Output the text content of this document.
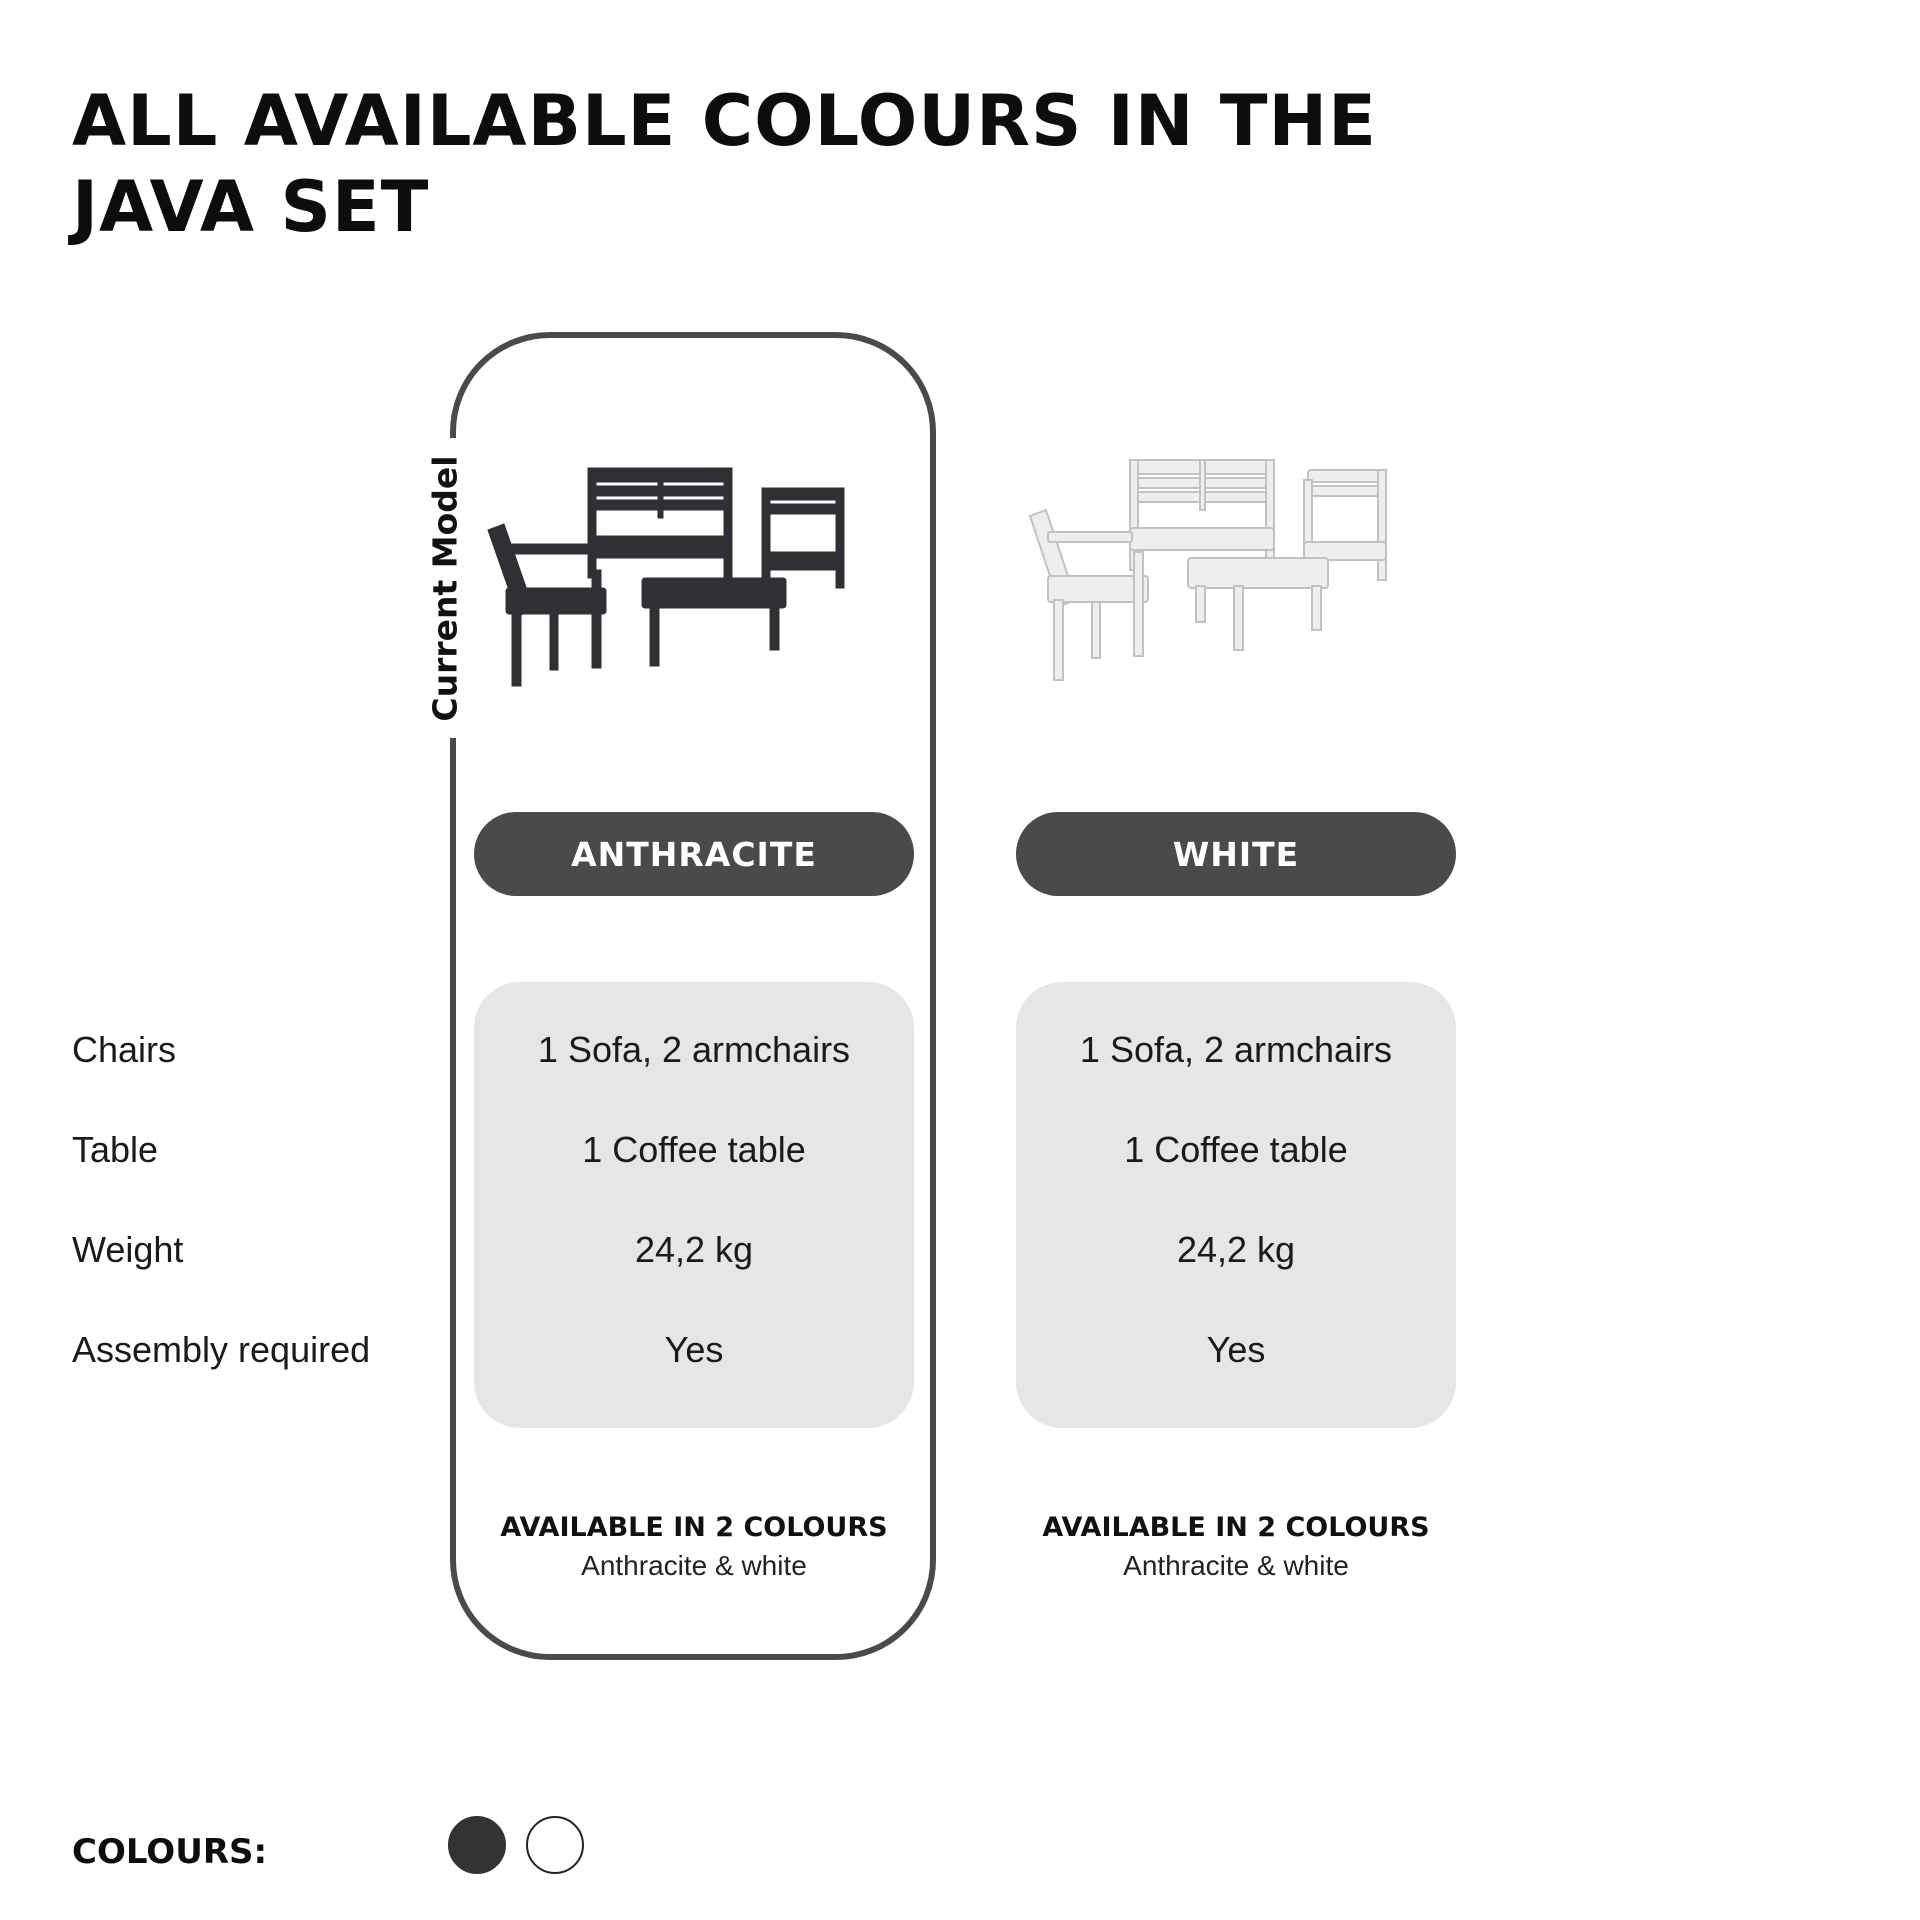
ALL AVAILABLE COLOURS IN THE JAVA SET
Current Model
ANTHRACITE
1 Sofa, 2 armchairs
1 Coffee table
24,2 kg
Yes
AVAILABLE IN 2 COLOURS
Anthracite & white
WHITE
1 Sofa, 2 armchairs
1 Coffee table
24,2 kg
Yes
AVAILABLE IN 2 COLOURS
Anthracite & white
Chairs
Table
Weight
Assembly required
COLOURS:
